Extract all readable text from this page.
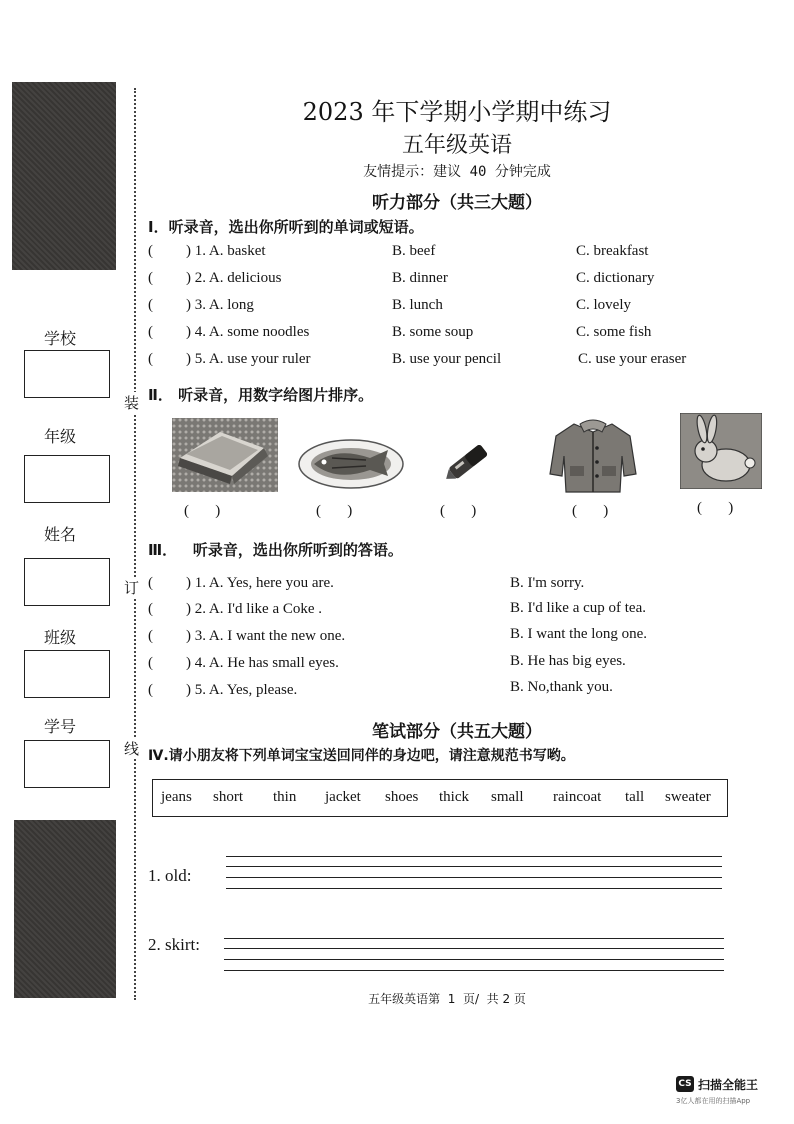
学校
年级
姓名
班级
学号
装
订
线
2023 年下学期小学期中练习
五年级英语
友情提示：建议 40 分钟完成
听力部分（共三大题）
Ⅰ．听录音，选出你所听到的单词或短语。
( ) 1. A. basket	B. beef	C. breakfast
( ) 2. A. delicious	B. dinner	C. dictionary
( ) 3. A. long	B. lunch	C. lovely
( ) 4. A. some noodles	B. some soup	C. some fish
( ) 5. A. use your ruler	B. use your pencil	C. use your eraser
Ⅱ． 听录音，用数字给图片排序。
(       )	(       )	(       )	(       )	(       )
Ⅲ．   听录音，选出你所听到的答语。
( ) 1. A. Yes, here you are.	B. I'm sorry.
( ) 2. A. I'd like a Coke .	B. I'd like a cup of tea.
( ) 3. A. I want the new one.	B. I want the long one.
( ) 4. A. He has small eyes.	B. He has big eyes.
( ) 5. A. Yes, please.	B. No,thank you.
笔试部分（共五大题）
Ⅳ.请小朋友将下列单词宝宝送回同伴的身边吧，请注意规范书写哟。
jeans short thin jacket shoes thick small raincoat tall sweater
1. old:
2. skirt:
五年级英语第  1  页/  共 2 页
CS 扫描全能王
3亿人都在用的扫描App
